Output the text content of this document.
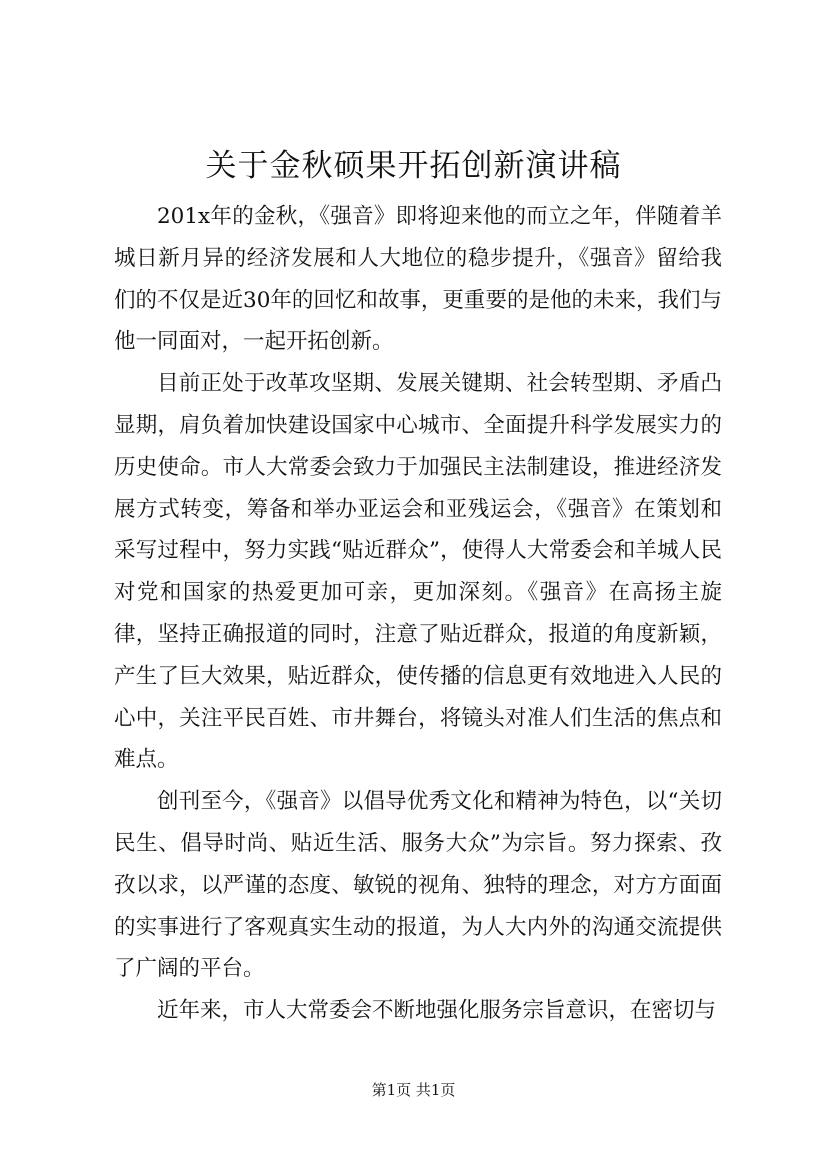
关于金秋硕果开拓创新演讲稿

201x年的金秋，《强音》即将迎来他的而立之年，伴随着羊城日新月异的经济发展和人大地位的稳步提升，《强音》留给我们的不仅是近30年的回忆和故事，更重要的是他的未来，我们与他一同面对，一起开拓创新。

目前正处于改革攻坚期、发展关键期、社会转型期、矛盾凸显期，肩负着加快建设国家中心城市、全面提升科学发展实力的历史使命。市人大常委会致力于加强民主法制建设，推进经济发展方式转变，筹备和举办亚运会和亚残运会，《强音》在策划和采写过程中，努力实践“贴近群众”，使得人大常委会和羊城人民对党和国家的热爱更加可亲，更加深刻。《强音》在高扬主旋律，坚持正确报道的同时，注意了贴近群众，报道的角度新颖，产生了巨大效果，贴近群众，使传播的信息更有效地进入人民的心中，关注平民百姓、市井舞台，将镜头对准人们生活的焦点和难点。

创刊至今，《强音》以倡导优秀文化和精神为特色，以“关切民生、倡导时尚、贴近生活、服务大众”为宗旨。努力探索、孜孜以求，以严谨的态度、敏锐的视角、独特的理念，对方方面面的实事进行了客观真实生动的报道，为人大内外的沟通交流提供了广阔的平台。

近年来，市人大常委会不断地强化服务宗旨意识，在密切与

第1页 共1页
